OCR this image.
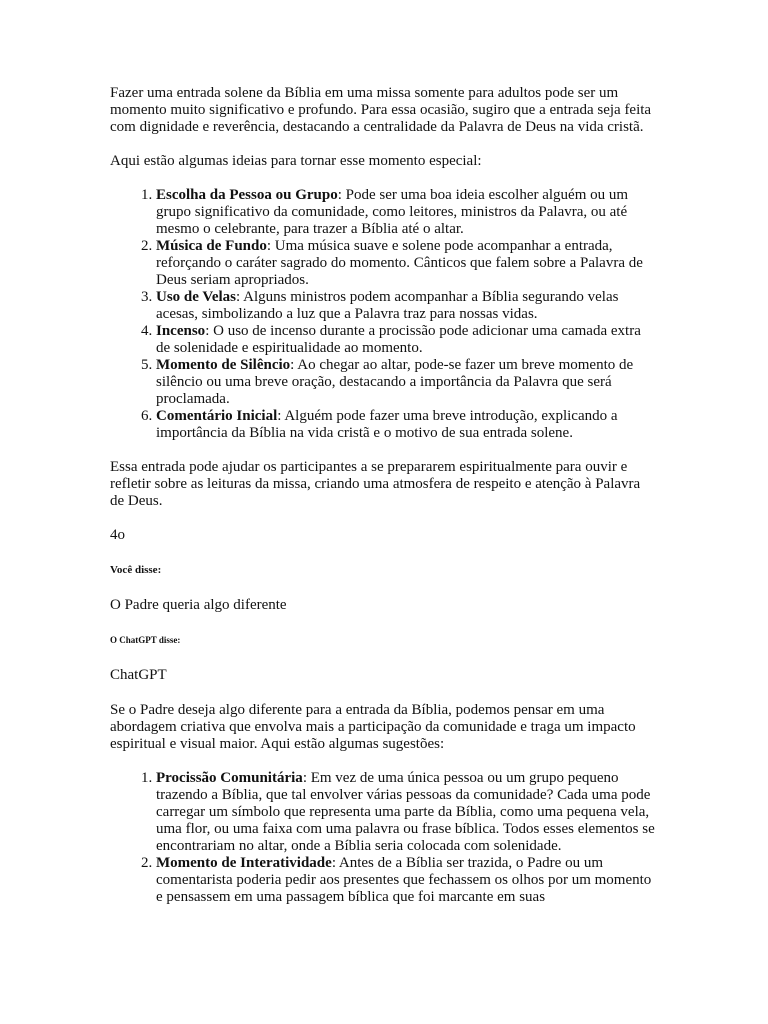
Fazer uma entrada solene da Bíblia em uma missa somente para adultos pode ser um momento muito significativo e profundo. Para essa ocasião, sugiro que a entrada seja feita com dignidade e reverência, destacando a centralidade da Palavra de Deus na vida cristã.

Aqui estão algumas ideias para tornar esse momento especial:

1. Escolha da Pessoa ou Grupo: Pode ser uma boa ideia escolher alguém ou um grupo significativo da comunidade, como leitores, ministros da Palavra, ou até mesmo o celebrante, para trazer a Bíblia até o altar.
2. Música de Fundo: Uma música suave e solene pode acompanhar a entrada, reforçando o caráter sagrado do momento. Cânticos que falem sobre a Palavra de Deus seriam apropriados.
3. Uso de Velas: Alguns ministros podem acompanhar a Bíblia segurando velas acesas, simbolizando a luz que a Palavra traz para nossas vidas.
4. Incenso: O uso de incenso durante a procissão pode adicionar uma camada extra de solenidade e espiritualidade ao momento.
5. Momento de Silêncio: Ao chegar ao altar, pode-se fazer um breve momento de silêncio ou uma breve oração, destacando a importância da Palavra que será proclamada.
6. Comentário Inicial: Alguém pode fazer uma breve introdução, explicando a importância da Bíblia na vida cristã e o motivo de sua entrada solene.

Essa entrada pode ajudar os participantes a se prepararem espiritualmente para ouvir e refletir sobre as leituras da missa, criando uma atmosfera de respeito e atenção à Palavra de Deus.

4o

Você disse:

O Padre queria algo diferente

O ChatGPT disse:

ChatGPT

Se o Padre deseja algo diferente para a entrada da Bíblia, podemos pensar em uma abordagem criativa que envolva mais a participação da comunidade e traga um impacto espiritual e visual maior. Aqui estão algumas sugestões:

1. Procissão Comunitária: Em vez de uma única pessoa ou um grupo pequeno trazendo a Bíblia, que tal envolver várias pessoas da comunidade? Cada uma pode carregar um símbolo que representa uma parte da Bíblia, como uma pequena vela, uma flor, ou uma faixa com uma palavra ou frase bíblica. Todos esses elementos se encontrariam no altar, onde a Bíblia seria colocada com solenidade.
2. Momento de Interatividade: Antes de a Bíblia ser trazida, o Padre ou um comentarista poderia pedir aos presentes que fechassem os olhos por um momento e pensassem em uma passagem bíblica que foi marcante em suas
